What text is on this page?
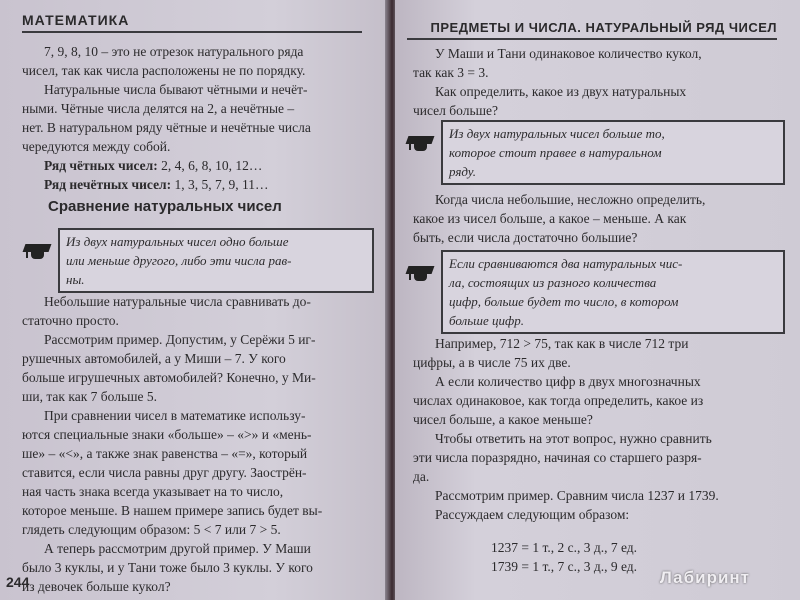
МАТЕМАТИКА
7, 9, 8, 10 – это не отрезок натурального ряда
чисел, так как числа расположены не по порядку.
Натуральные числа бывают чётными и нечёт-
ными. Чётные числа делятся на 2, а нечётные –
нет. В натуральном ряду чётные и нечётные числа
чередуются между собой.
Ряд чётных чисел: 2, 4, 6, 8, 10, 12…
Ряд нечётных чисел: 1, 3, 5, 7, 9, 11…
Сравнение натуральных чисел
Из двух натуральных чисел одно больше
или меньше другого, либо эти числа рав-
ны.
Небольшие натуральные числа сравнивать до-
статочно просто.
Рассмотрим пример. Допустим, у Серёжи 5 иг-
рушечных автомобилей, а у Миши – 7. У кого
больше игрушечных автомобилей? Конечно, у Ми-
ши, так как 7 больше 5.
При сравнении чисел в математике использу-
ются специальные знаки «больше» – «>» и «мень-
ше» – «<», а также знак равенства – «=», который
ставится, если числа равны друг другу. Заострён-
ная часть знака всегда указывает на то число,
которое меньше. В нашем примере запись будет вы-
глядеть следующим образом: 5 < 7 или 7 > 5.
А теперь рассмотрим другой пример. У Маши
было 3 куклы, и у Тани тоже было 3 куклы. У кого
из девочек больше кукол?
244
ПРЕДМЕТЫ И ЧИСЛА. НАТУРАЛЬНЫЙ РЯД ЧИСЕЛ
У Маши и Тани одинаковое количество кукол,
так как 3 = 3.
Как определить, какое из двух натуральных
чисел больше?
Из двух натуральных чисел больше то,
которое стоит правее в натуральном
ряду.
Когда числа небольшие, несложно определить,
какое из чисел больше, а какое – меньше. А как
быть, если числа достаточно большие?
Если сравниваются два натуральных чис-
ла, состоящих из разного количества
цифр, больше будет то число, в котором
больше цифр.
Например, 712 > 75, так как в числе 712 три
цифры, а в числе 75 их две.
А если количество цифр в двух многозначных
числах одинаковое, как тогда определить, какое из
чисел больше, а какое меньше?
Чтобы ответить на этот вопрос, нужно сравнить
эти числа поразрядно, начиная со старшего разря-
да.
Рассмотрим пример. Сравним числа 1237 и 1739.
Рассуждаем следующим образом:
1237 = 1 т., 2 с., 3 д., 7 ед.
1739 = 1 т., 7 с., 3 д., 9 ед.
Лабиринт
